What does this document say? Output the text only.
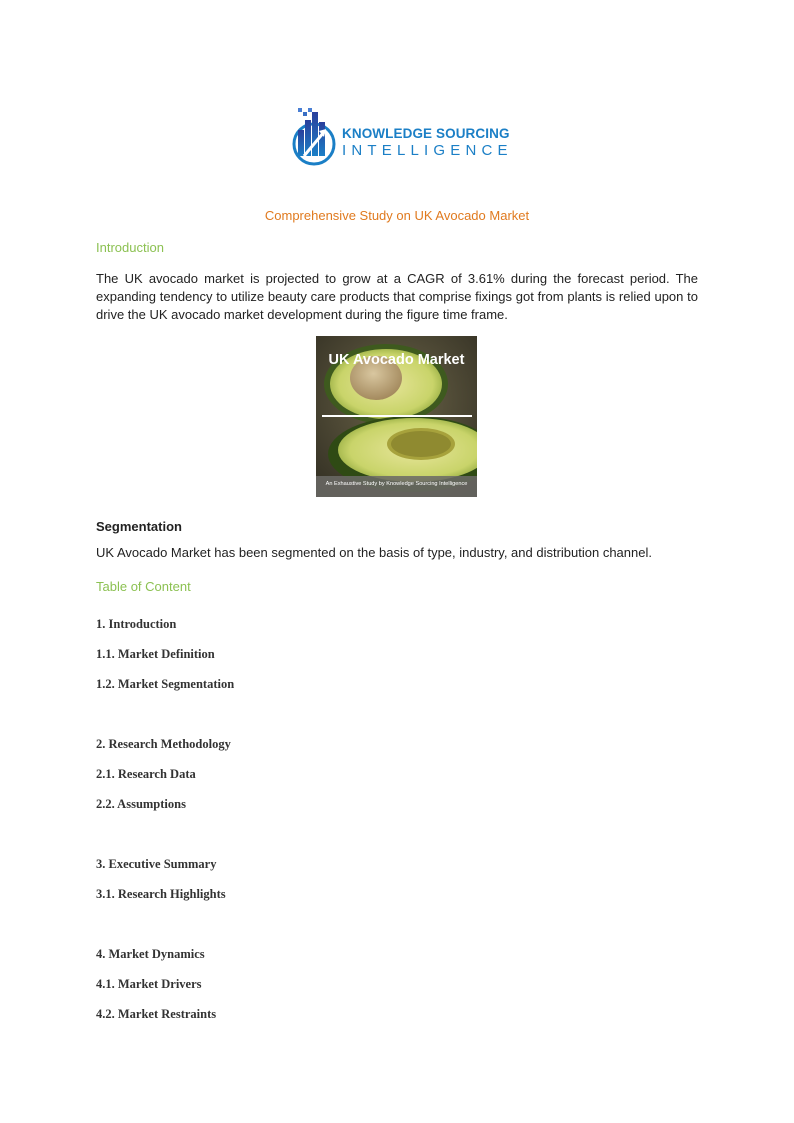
KNOWLEDGE SOURCING
INTELLIGENCE
Comprehensive Study on UK Avocado Market
Introduction
The UK avocado market is projected to grow at a CAGR of 3.61% during the forecast period. The expanding tendency to utilize beauty care products that comprise fixings got from plants is relied upon to drive the UK avocado market development during the figure time frame.
UK Avocado Market
An Exhaustive Study by Knowledge Sourcing Intelligence
Segmentation
UK Avocado Market has been segmented on the basis of type, industry, and distribution channel.
Table of Content
1. Introduction
1.1. Market Definition
1.2. Market Segmentation
2. Research Methodology
2.1. Research Data
2.2. Assumptions
3. Executive Summary
3.1. Research Highlights
4. Market Dynamics
4.1. Market Drivers
4.2. Market Restraints
